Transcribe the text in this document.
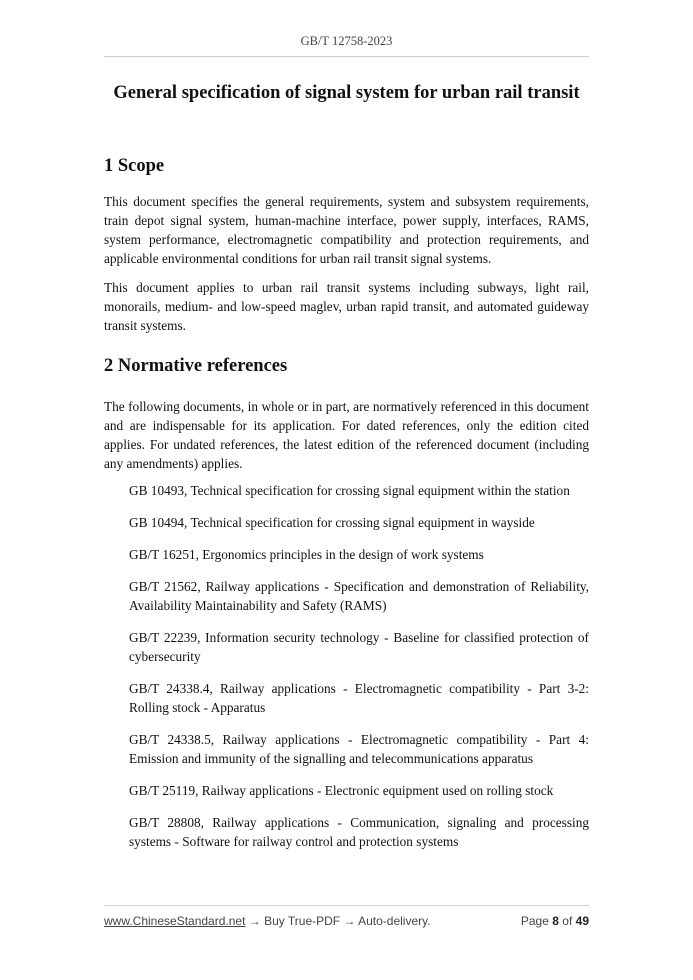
GB/T 12758-2023
General specification of signal system for urban rail transit
1 Scope

This document specifies the general requirements, system and subsystem requirements, train depot signal system, human-machine interface, power supply, interfaces, RAMS, system performance, electromagnetic compatibility and protection requirements, and applicable environmental conditions for urban rail transit signal systems.

This document applies to urban rail transit systems including subways, light rail, monorails, medium- and low-speed maglev, urban rapid transit, and automated guideway transit systems.

2 Normative references

The following documents, in whole or in part, are normatively referenced in this document and are indispensable for its application. For dated references, only the edition cited applies. For undated references, the latest edition of the referenced document (including any amendments) applies.

GB 10493, Technical specification for crossing signal equipment within the station

GB 10494, Technical specification for crossing signal equipment in wayside

GB/T 16251, Ergonomics principles in the design of work systems

GB/T 21562, Railway applications - Specification and demonstration of Reliability, Availability Maintainability and Safety (RAMS)

GB/T 22239, Information security technology - Baseline for classified protection of cybersecurity

GB/T 24338.4, Railway applications - Electromagnetic compatibility - Part 3-2: Rolling stock - Apparatus

GB/T 24338.5, Railway applications - Electromagnetic compatibility - Part 4: Emission and immunity of the signalling and telecommunications apparatus

GB/T 25119, Railway applications - Electronic equipment used on rolling stock

GB/T 28808, Railway applications - Communication, signaling and processing systems - Software for railway control and protection systems

www.ChineseStandard.net → Buy True-PDF → Auto-delivery.	Page 8 of 49
